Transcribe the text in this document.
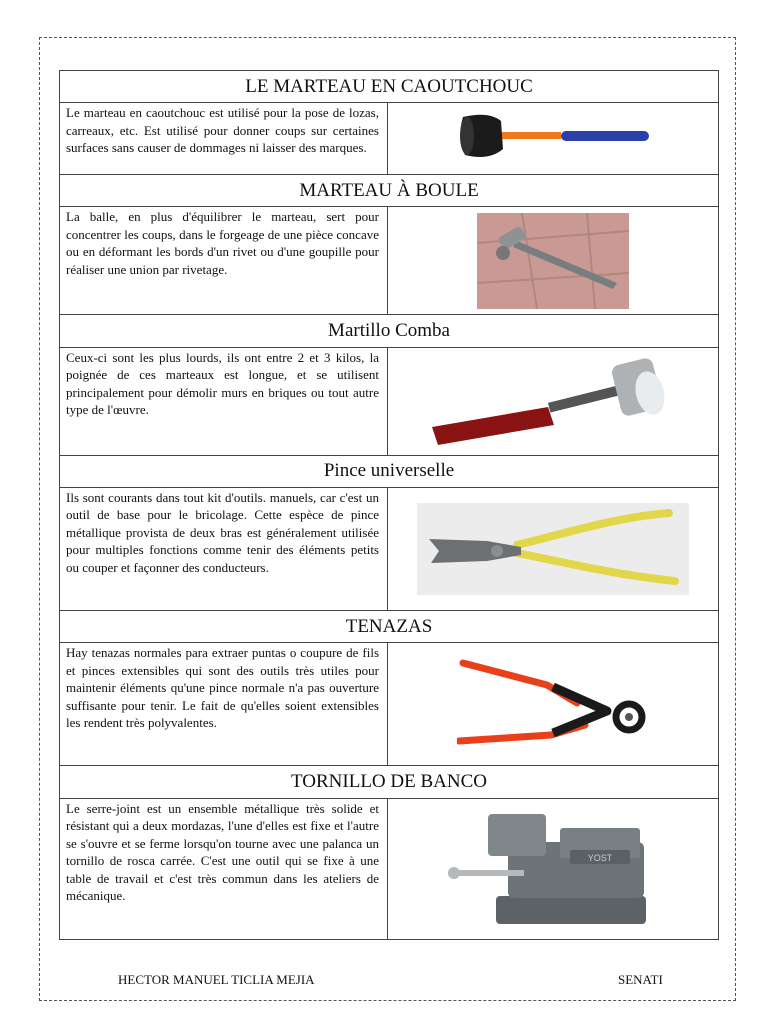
LE MARTEAU EN CAOUTCHOUC	
Le marteau en caoutchouc est utilisé pour la pose de lozas, carreaux, etc. Est utilisé pour donner coups sur certaines surfaces sans causer de dommages ni laisser des marques.	

MARTEAU À BOULE	
La balle, en plus d'équilibrer le marteau, sert pour concentrer les coups, dans le forgeage de une pièce concave ou en déformant les bords d'un rivet ou d'une goupille pour réaliser une union par rivetage.	

Martillo Comba	
Ceux-ci sont les plus lourds, ils ont entre 2 et 3 kilos, la poignée de ces marteaux est longue, et se utilisent principalement pour démolir murs en briques ou tout autre type de l'œuvre.	

Pince universelle	
Ils sont courants dans tout kit d'outils. manuels, car c'est un outil de base pour le bricolage. Cette espèce de pince métallique provista de deux bras est généralement utilisée pour multiples fonctions comme tenir des éléments petits ou couper et façonner des conducteurs.	

TENAZAS	
Hay tenazas normales para extraer puntas o coupure de fils et pinces extensibles qui sont des outils très utiles pour maintenir éléments qu'une pince normale n'a pas ouverture suffisante pour tenir. Le fait de qu'elles soient extensibles les rendent très polyvalentes.	

TORNILLO DE BANCO	
Le serre-joint est un ensemble métallique très solide et résistant qui a deux mordazas, l'une d'elles est fixe et l'autre se s'ouvre et se ferme lorsqu'on tourne avec une palanca un tornillo de rosca carrée. C'est une outil qui se fixe à une table de travail et c'est très commun dans les ateliers de mécanique.	YOST
HECTOR MANUEL TICLIA MEJIA	SENATI
